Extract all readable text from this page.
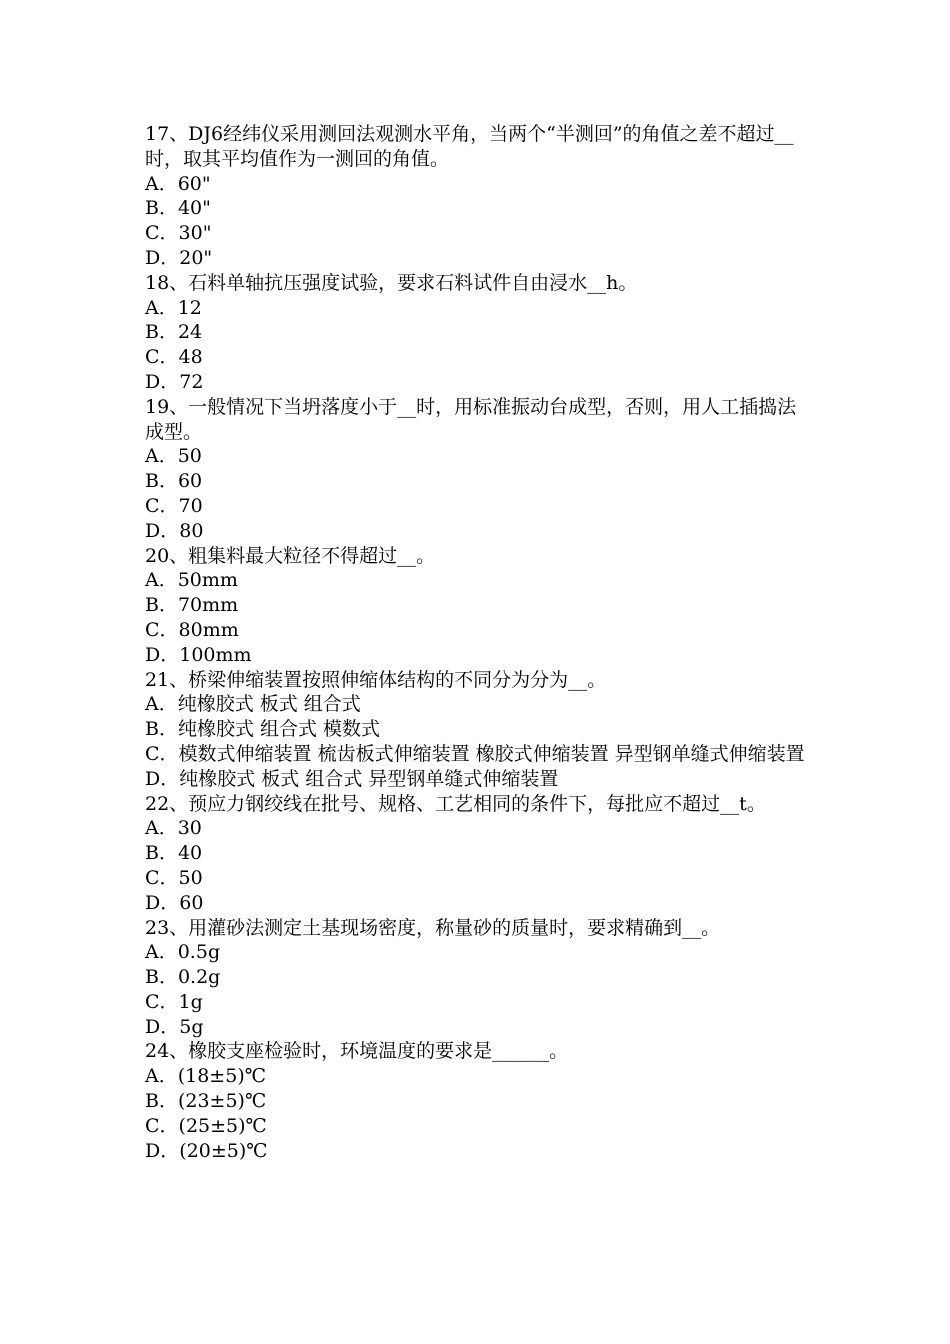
17、DJ6经纬仪采用测回法观测水平角，当两个“半测回”的角值之差不超过__时，取其平均值作为一测回的角值。
A．60"
B．40"
C．30"
D．20"
18、石料单轴抗压强度试验，要求石料试件自由浸水__h。
A．12
B．24
C．48
D．72
19、一般情况下当坍落度小于__时，用标准振动台成型，否则，用人工插捣法成型。
A．50
B．60
C．70
D．80
20、粗集料最大粒径不得超过__。
A．50mm
B．70mm
C．80mm
D．100mm
21、桥梁伸缩装置按照伸缩体结构的不同分为分为__。
A．纯橡胶式 板式 组合式
B．纯橡胶式 组合式 模数式
C．模数式伸缩装置 梳齿板式伸缩装置 橡胶式伸缩装置 异型钢单缝式伸缩装置
D．纯橡胶式 板式 组合式 异型钢单缝式伸缩装置
22、预应力钢绞线在批号、规格、工艺相同的条件下，每批应不超过__t。
A．30
B．40
C．50
D．60
23、用灌砂法测定土基现场密度，称量砂的质量时，要求精确到__。
A．0.5g
B．0.2g
C．1g
D．5g
24、橡胶支座检验时，环境温度的要求是______。
A．(18±5)℃
B．(23±5)℃
C．(25±5)℃
D．(20±5)℃
